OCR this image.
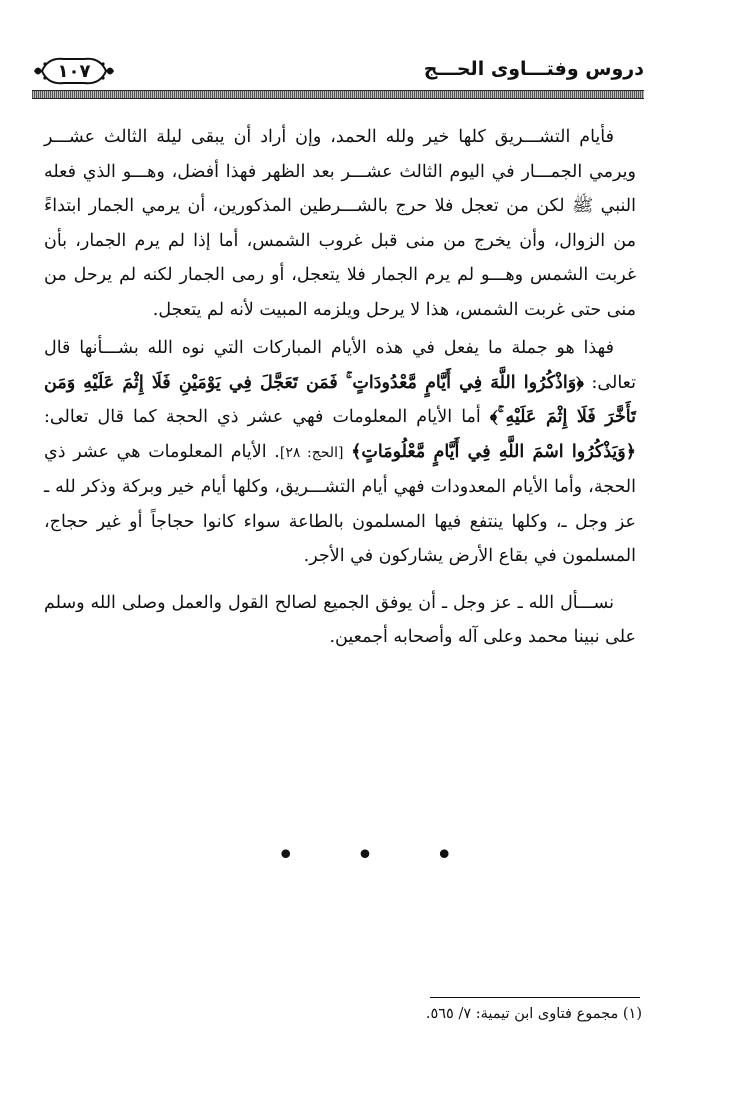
١٠٧	دروس وفتـــاوى الحـــج

فأيام التشـــريق كلها خير ولله الحمد، وإن أراد أن يبقى ليلة الثالث عشـــر ويرمي الجمـــار في اليوم الثالث عشـــر بعد الظهر فهذا أفضل، وهـــو الذي فعله النبي ﷺ لكن من تعجل فلا حرج بالشـــرطين المذكورين، أن يرمي الجمار ابتداءً من الزوال، وأن يخرج من منى قبل غروب الشمس، أما إذا لم يرم الجمار، بأن غربت الشمس وهـــو لم يرم الجمار فلا يتعجل، أو رمى الجمار لكنه لم يرحل من منى حتى غربت الشمس، هذا لا يرحل ويلزمه المبيت لأنه لم يتعجل.

فهذا هو جملة ما يفعل في هذه الأيام المباركات التي نوه الله بشـــأنها قال تعالى: ﴿وَاذْكُرُوا اللَّهَ فِي أَيَّامٍ مَّعْدُودَاتٍ ۚ فَمَن تَعَجَّلَ فِي يَوْمَيْنِ فَلَا إِثْمَ عَلَيْهِ وَمَن تَأَخَّرَ فَلَا إِثْمَ عَلَيْهِ ۚ﴾ أما الأيام المعلومات فهي عشر ذي الحجة كما قال تعالى: ﴿وَيَذْكُرُوا اسْمَ اللَّهِ فِي أَيَّامٍ مَّعْلُومَاتٍ﴾ [الحج: ٢٨]. الأيام المعلومات هي عشر ذي الحجة، وأما الأيام المعدودات فهي أيام التشـــريق، وكلها أيام خير وبركة وذكر لله ـ عز وجل ـ، وكلها ينتفع فيها المسلمون بالطاعة سواء كانوا حجاجاً أو غير حجاج، المسلمون في بقاع الأرض يشاركون في الأجر.

نســـأل الله ـ عز وجل ـ أن يوفق الجميع لصالح القول والعمل وصلى الله وسلم على نبينا محمد وعلى آله وأصحابه أجمعين.

• • •
(١) مجموع فتاوى ابن تيمية: ٧/ ٥٦٥.
